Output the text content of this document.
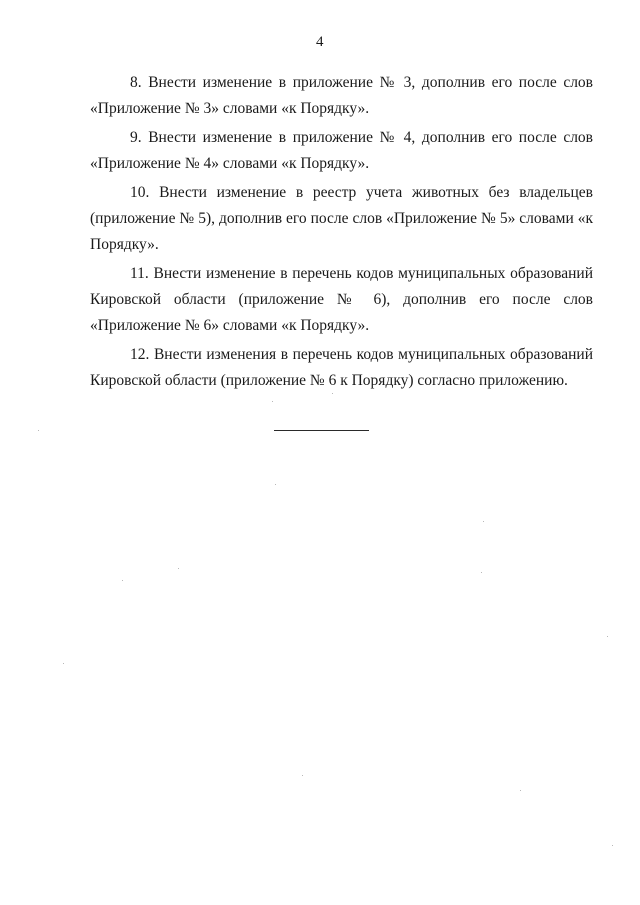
4

8. Внести изменение в приложение № 3, дополнив его после слов «Приложение № 3» словами «к Порядку».

9. Внести изменение в приложение № 4, дополнив его после слов «Приложение № 4» словами «к Порядку».

10. Внести изменение в реестр учета животных без владельцев (приложение № 5), дополнив его после слов «Приложение № 5» словами «к Порядку».

11. Внести изменение в перечень кодов муниципальных образований Кировской области (приложение № 6), дополнив его после слов «Приложение № 6» словами «к Порядку».

12. Внести изменения в перечень кодов муниципальных образований Кировской области (приложение № 6 к Порядку) согласно приложению.
